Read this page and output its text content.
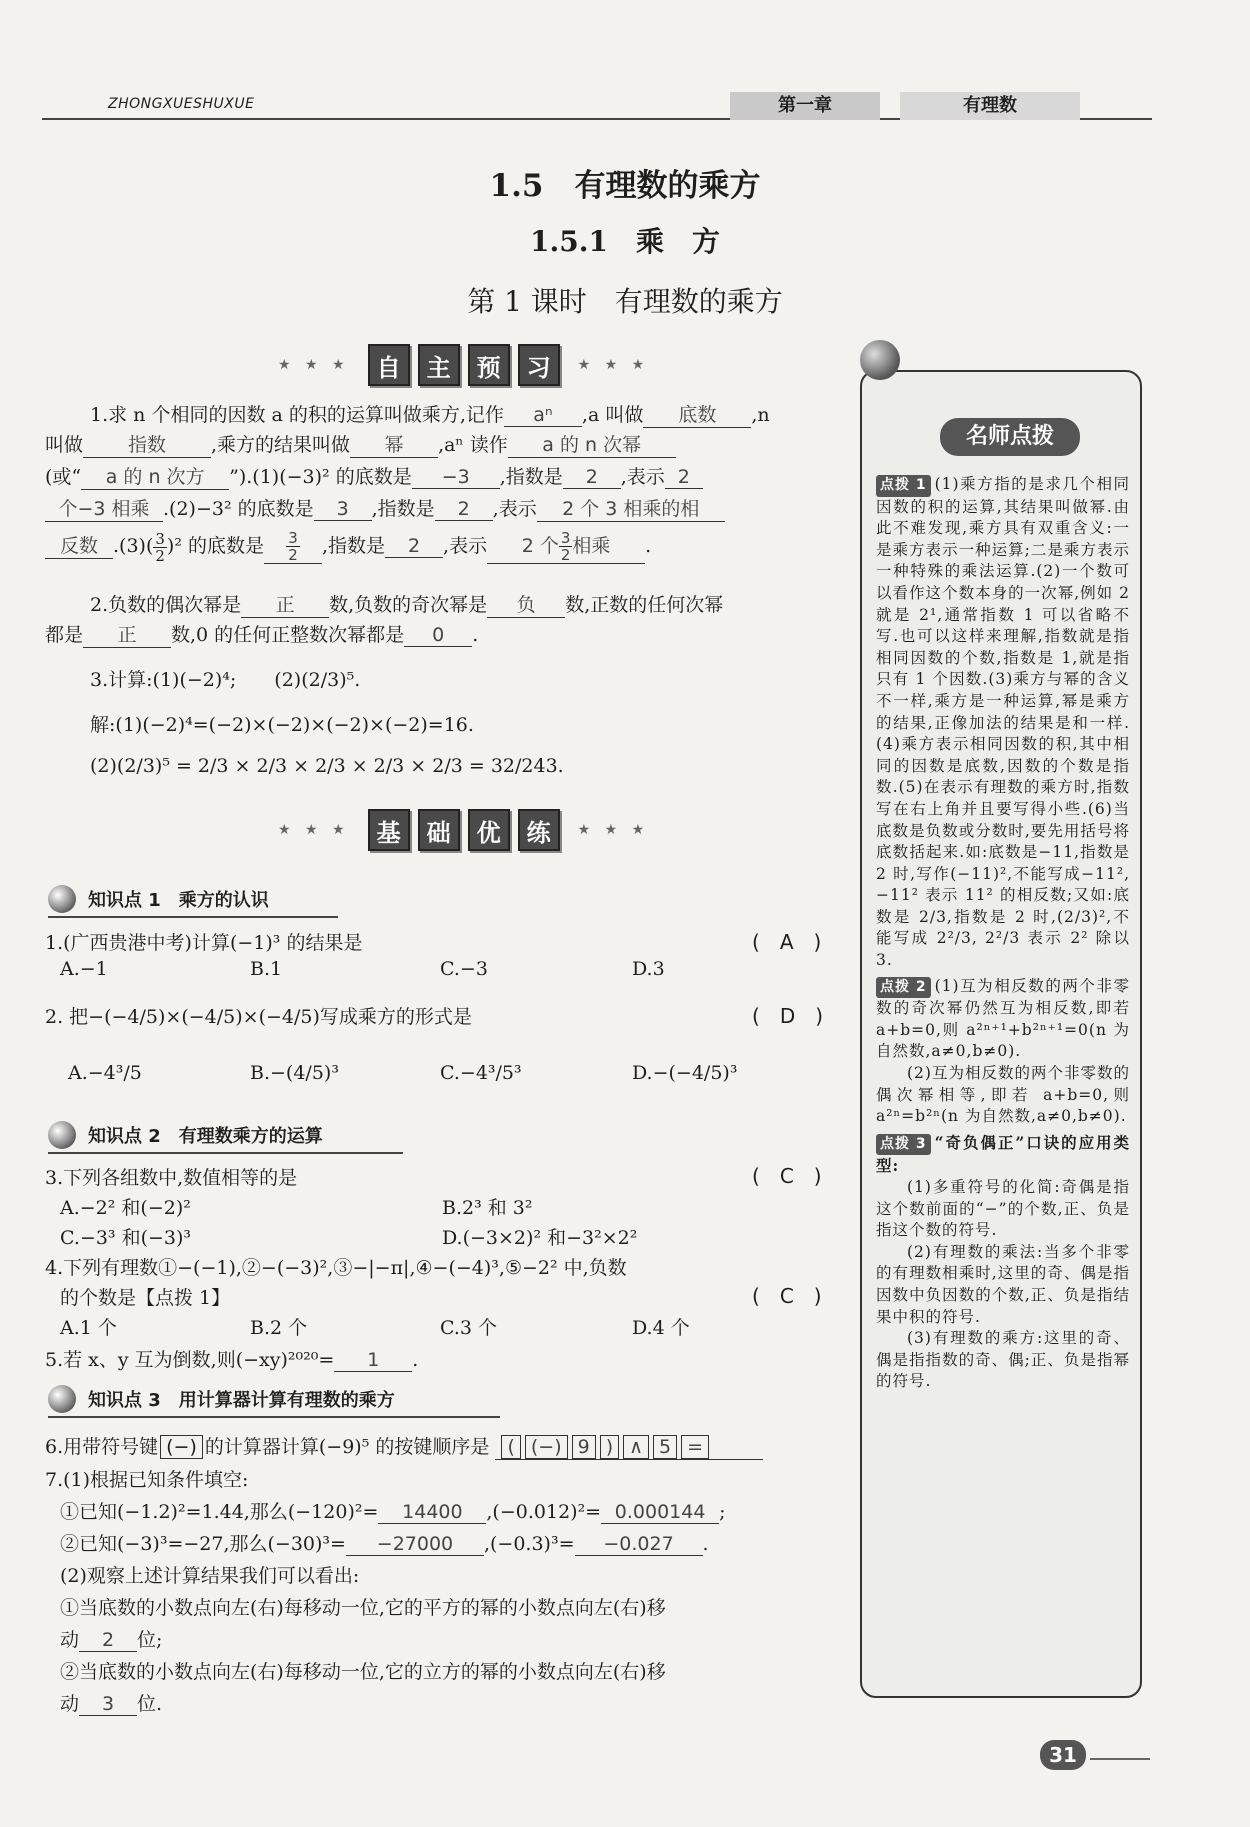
ZHONGXUESHUXUE	第一章	有理数
1.5　有理数的乘方
1.5.1　乘　方
第 1 课时　有理数的乘方
★ ★ ★	自	主	预	习	★ ★ ★
1.求 n 个相同的因数 a 的积的运算叫做乘方,记作 aⁿ ,a 叫做 底数 ,n
叫做 指数 ,乘方的结果叫做 幂 ,aⁿ 读作 a 的 n 次幂
(或“ a 的 n 次方 ”).(1)(−3)² 的底数是 −3 ,指数是 2 ,表示 2
个−3 相乘 .(2)−3² 的底数是 3 ,指数是 2 ,表示 2 个 3 相乘的相
反数 $.(3)( \frac{3}{2} )^2$ 的底数是 $\frac{3}{2}$ ,指数是 2 ,表示 2 个 $\frac{3}{2}$ 相乘 .
2.负数的偶次幂是 正 数,负数的奇次幂是 负 数,正数的任何次幂
都是 正 数,0 的任何正整数次幂都是 0 .
3.计算:(1)(−2)⁴;　　(2)(2/3)⁵.
解:(1)(−2)⁴=(−2)×(−2)×(−2)×(−2)=16.
(2)(2/3)⁵ = 2/3 × 2/3 × 2/3 × 2/3 × 2/3 = 32/243.
★ ★ ★	基	础	优	练	★ ★ ★
知识点 1　乘方的认识
1.(广西贵港中考)计算(−1)³ 的结果是	(　A　)
A.−1	B.1	C.−3	D.3
2. 把−(−4/5)×(−4/5)×(−4/5)写成乘方的形式是	(　D　)
A.−4³/5	B.−(4/5)³	C.−4³/5³	D.−(−4/5)³
知识点 2　有理数乘方的运算
3.下列各组数中,数值相等的是	(　C　)
A.−2² 和(−2)²	B.2³ 和 3²
C.−3³ 和(−3)³	D.(−3×2)² 和−3²×2²
4.下列有理数①−(−1),②−(−3)²,③−|−π|,④−(−4)³,⑤−2² 中,负数
的个数是【点拨 1】	(　C　)
A.1 个	B.2 个	C.3 个	D.4 个
5.若 x、y 互为倒数,则(−xy)²⁰²⁰= 1 .
知识点 3　用计算器计算有理数的乘方
6.用带符号键 (−) 的计算器计算(−9)⁵ 的按键顺序是 ( (−) 9 ) ∧ 5 =
7.(1)根据已知条件填空:
①已知(−1.2)²=1.44,那么(−120)²= 14400 ,(−0.012)²= 0.000144 ;
②已知(−3)³=−27,那么(−30)³= −27000 ,(−0.3)³= −0.027 .
(2)观察上述计算结果我们可以看出:
①当底数的小数点向左(右)每移动一位,它的平方的幂的小数点向左(右)移
动 2 位;
②当底数的小数点向左(右)每移动一位,它的立方的幂的小数点向左(右)移
动 3 位.
点拨 1 (1)乘方指的是求几个相同因数的积的运算,其结果叫做幂.由此不难发现,乘方具有双重含义:一是乘方表示一种运算;二是乘方表示一种特殊的乘法运算.(2)一个数可以看作这个数本身的一次幂,例如 2 就是 2¹,通常指数 1 可以省略不写.也可以这样来理解,指数就是指相同因数的个数,指数是 1,就是指只有 1 个因数.(3)乘方与幂的含义不一样,乘方是一种运算,幂是乘方的结果,正像加法的结果是和一样.(4)乘方表示相同因数的积,其中相同的因数是底数,因数的个数是指数.(5)在表示有理数的乘方时,指数写在右上角并且要写得小些.(6)当底数是负数或分数时,要先用括号将底数括起来.如:底数是−11,指数是 2 时,写作(−11)²,不能写成−11²,−11² 表示 11² 的相反数;又如:底数是 2/3,指数是 2 时,(2/3)²,不能写成 2²/3, 2²/3 表示 2² 除以 3.
点拨 2 (1)互为相反数的两个非零数的奇次幂仍然互为相反数,即若 a+b=0,则 a²ⁿ⁺¹+b²ⁿ⁺¹=0(n 为自然数,a≠0,b≠0).
(2)互为相反数的两个非零数的偶次幂相等,即若 a+b=0,则 a²ⁿ=b²ⁿ(n 为自然数,a≠0,b≠0).
点拨 3 “奇负偶正”口诀的应用类型:
(1)多重符号的化简:奇偶是指这个数前面的“−”的个数,正、负是指这个数的符号.
(2)有理数的乘法:当多个非零的有理数相乘时,这里的奇、偶是指因数中负因数的个数,正、负是指结果中积的符号.
(3)有理数的乘方:这里的奇、偶是指指数的奇、偶;正、负是指幂的符号.
名师点拨
31
